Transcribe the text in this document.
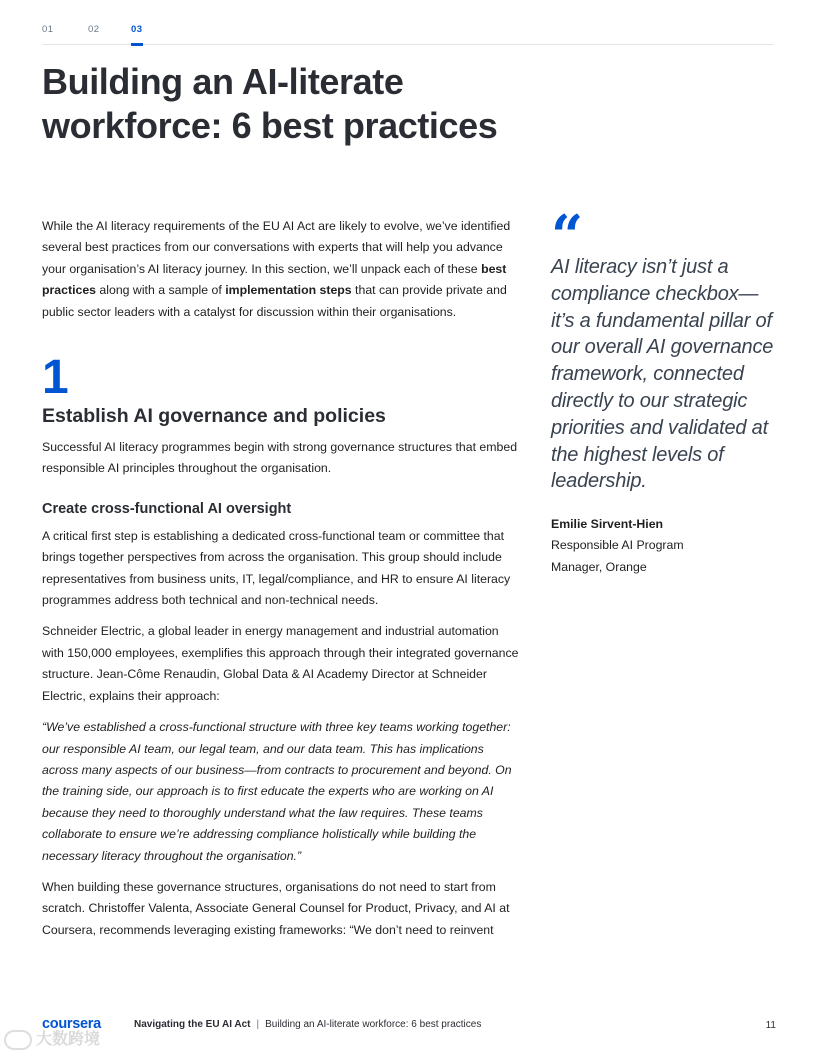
01	02	03
Building an AI-literate
workforce: 6 best practices

While the AI literacy requirements of the EU AI Act are likely to evolve, we’ve identified several best practices from our conversations with experts that will help you advance your organisation’s AI literacy journey. In this section, we’ll unpack each of these best practices along with a sample of implementation steps that can provide private and public sector leaders with a catalyst for discussion within their organisations.

1
Establish AI governance and policies

Successful AI literacy programmes begin with strong governance structures that embed responsible AI principles throughout the organisation.

Create cross-functional AI oversight

A critical first step is establishing a dedicated cross-functional team or committee that brings together perspectives from across the organisation. This group should include representatives from business units, IT, legal/compliance, and HR to ensure AI literacy programmes address both technical and non-technical needs.

Schneider Electric, a global leader in energy management and industrial automation with 150,000 employees, exemplifies this approach through their integrated governance structure. Jean-Côme Renaudin, Global Data & AI Academy Director at Schneider Electric, explains their approach:

“We’ve established a cross-functional structure with three key teams working together: our responsible AI team, our legal team, and our data team. This has implications across many aspects of our business—from contracts to procurement and beyond. On the training side, our approach is to first educate the experts who are working on AI because they need to thoroughly understand what the law requires. These teams collaborate to ensure we’re addressing compliance holistically while building the necessary literacy throughout the organisation.”

When building these governance structures, organisations do not need to start from scratch. Christoffer Valenta, Associate General Counsel for Product, Privacy, and AI at Coursera, recommends leveraging existing frameworks: “We don’t need to reinvent

“

AI literacy isn’t just a compliance checkbox—it’s a fundamental pillar of our overall AI governance framework, connected directly to our strategic priorities and validated at the highest levels of leadership.

Emilie Sirvent-Hien

Responsible AI Program
Manager, Orange

coursera	Navigating the EU AI Act | Building an AI-literate workforce: 6 best practices	11
大数跨境
